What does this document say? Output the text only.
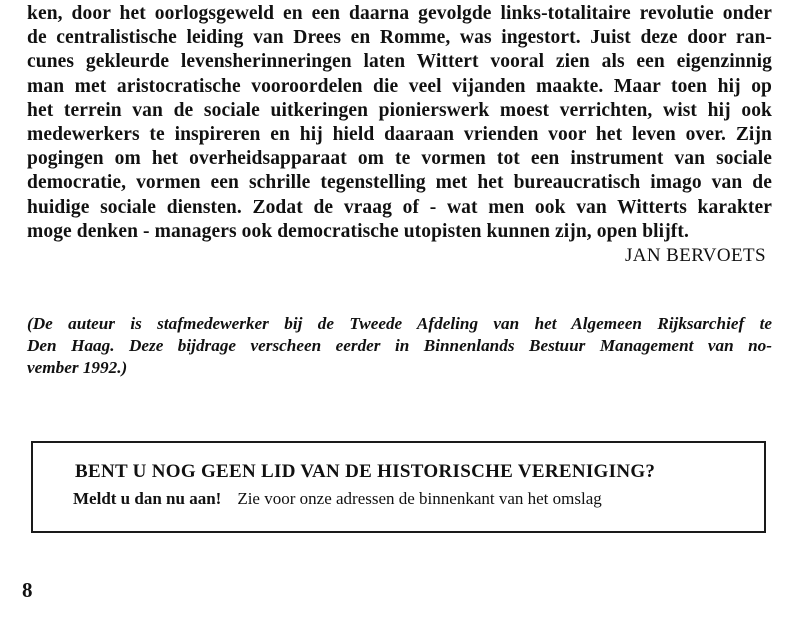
ken, door het oorlogsgeweld en een daarna gevolgde links-totalitaire revolutie onder
de centralistische leiding van Drees en Romme, was ingestort. Juist deze door ran-
cunes gekleurde levensherinneringen laten Wittert vooral zien als een eigenzinnig
man met aristocratische vooroordelen die veel vijanden maakte. Maar toen hij op
het terrein van de sociale uitkeringen pionierswerk moest verrichten, wist hij ook
medewerkers te inspireren en hij hield daaraan vrienden voor het leven over. Zijn
pogingen om het overheidsapparaat om te vormen tot een instrument van sociale
democratie, vormen een schrille tegenstelling met het bureaucratisch imago van de
huidige sociale diensten. Zodat de vraag of - wat men ook van Witterts karakter
moge denken - managers ook democratische utopisten kunnen zijn, open blijft.
JAN BERVOETS
(De auteur is stafmedewerker bij de Tweede Afdeling van het Algemeen Rijksarchief te
Den Haag. Deze bijdrage verscheen eerder in Binnenlands Bestuur Management van no-
vember 1992.)
BENT U NOG GEEN LID VAN DE HISTORISCHE VERENIGING?
Meldt u dan nu aan! Zie voor onze adressen de binnenkant van het omslag
8
